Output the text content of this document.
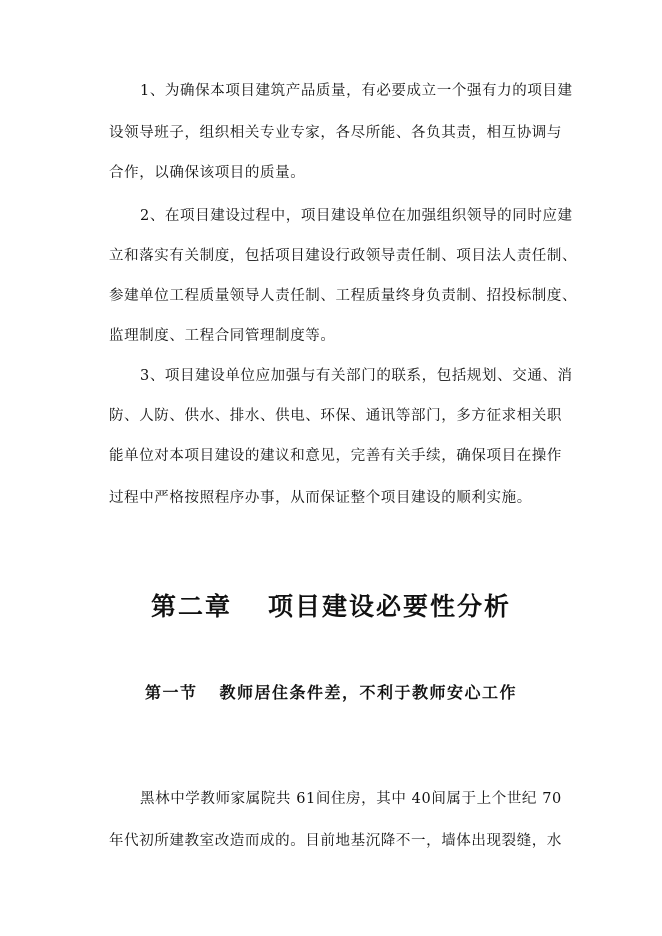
1、为确保本项目建筑产品质量，有必要成立一个强有力的项目建
设领导班子，组织相关专业专家，各尽所能、各负其责，相互协调与
合作，以确保该项目的质量。
2、在项目建设过程中，项目建设单位在加强组织领导的同时应建
立和落实有关制度，包括项目建设行政领导责任制、项目法人责任制、
参建单位工程质量领导人责任制、工程质量终身负责制、招投标制度、
监理制度、工程合同管理制度等。
3、项目建设单位应加强与有关部门的联系，包括规划、交通、消
防、人防、供水、排水、供电、环保、通讯等部门，多方征求相关职
能单位对本项目建设的建议和意见，完善有关手续，确保项目在操作
过程中严格按照程序办事，从而保证整个项目建设的顺利实施。
第二章 项目建设必要性分析
第一节 教师居住条件差，不利于教师安心工作
黑林中学教师家属院共 61间住房，其中 40间属于上个世纪 70
年代初所建教室改造而成的。目前地基沉降不一，墙体出现裂缝，水
